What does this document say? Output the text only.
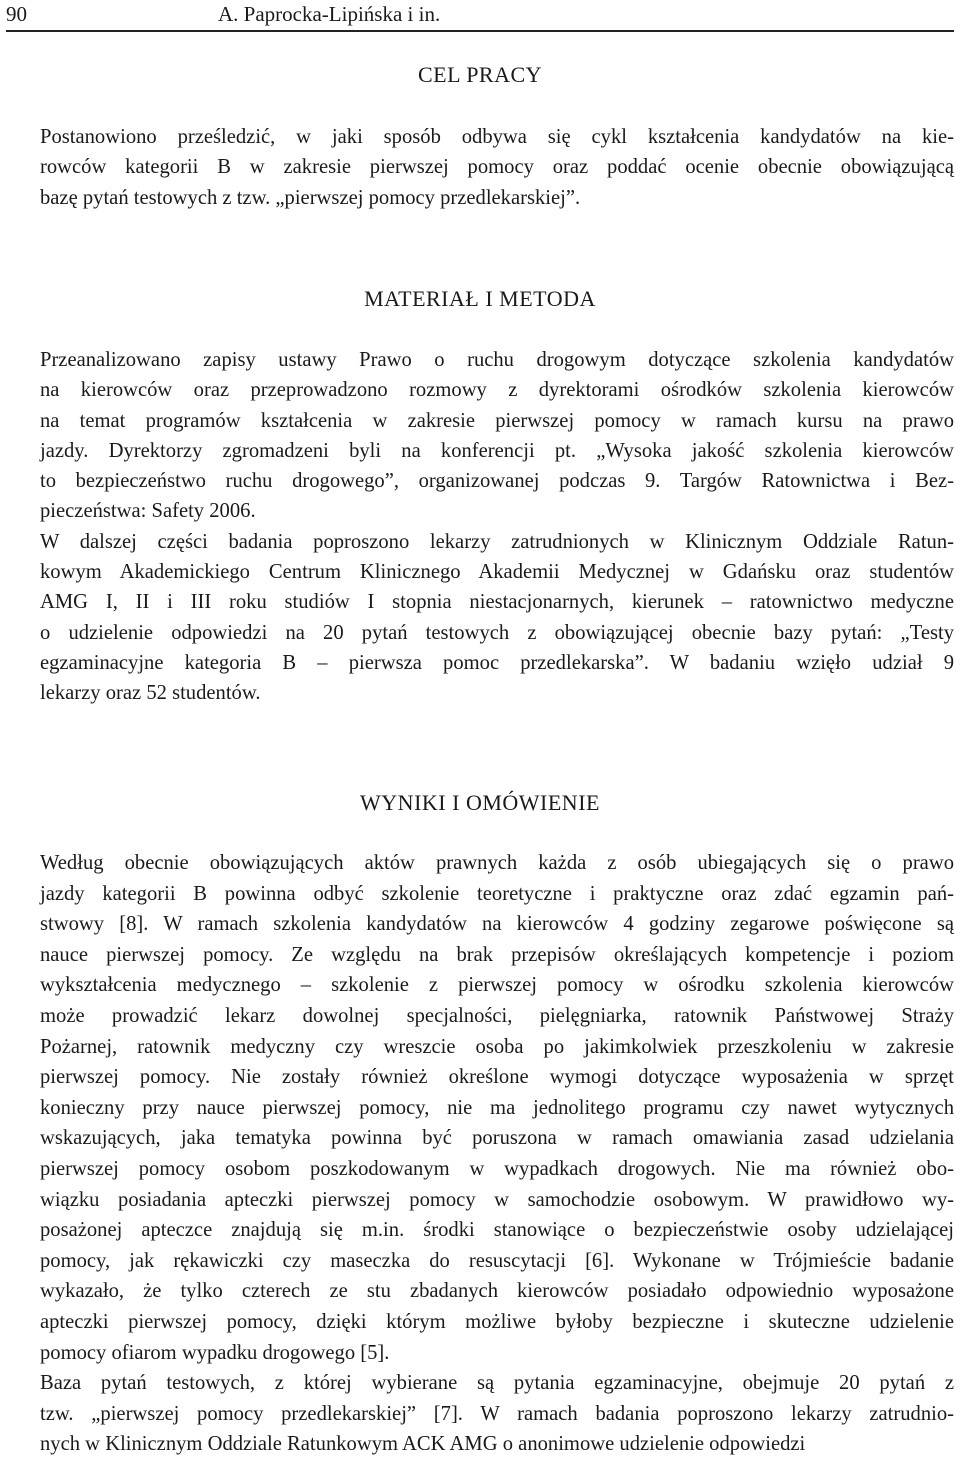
90	A. Paprocka-Lipińska i in.
CEL PRACY

Postanowiono prześledzić, w jaki sposób odbywa się cykl kształcenia kandydatów na kie-
rowców kategorii B w zakresie pierwszej pomocy oraz poddać ocenie obecnie obowiązującą
bazę pytań testowych z tzw. „pierwszej pomocy przedlekarskiej”.

MATERIAŁ I METODA

Przeanalizowano zapisy ustawy Prawo o ruchu drogowym dotyczące szkolenia kandydatów
na kierowców oraz przeprowadzono rozmowy z dyrektorami ośrodków szkolenia kierowców
na temat programów kształcenia w zakresie pierwszej pomocy w ramach kursu na prawo
jazdy. Dyrektorzy zgromadzeni byli na konferencji pt. „Wysoka jakość szkolenia kierowców
to bezpieczeństwo ruchu drogowego”, organizowanej podczas 9. Targów Ratownictwa i Bez-
pieczeństwa: Safety 2006.

W dalszej części badania poproszono lekarzy zatrudnionych w Klinicznym Oddziale Ratun-
kowym Akademickiego Centrum Klinicznego Akademii Medycznej w Gdańsku oraz studentów
AMG I, II i III roku studiów I stopnia niestacjonarnych, kierunek – ratownictwo medyczne
o udzielenie odpowiedzi na 20 pytań testowych z obowiązującej obecnie bazy pytań: „Testy
egzaminacyjne kategoria B – pierwsza pomoc przedlekarska”. W badaniu wzięło udział 9
lekarzy oraz 52 studentów.

WYNIKI I OMÓWIENIE

Według obecnie obowiązujących aktów prawnych każda z osób ubiegających się o prawo
jazdy kategorii B powinna odbyć szkolenie teoretyczne i praktyczne oraz zdać egzamin pań-
stwowy [8]. W ramach szkolenia kandydatów na kierowców 4 godziny zegarowe poświęcone są
nauce pierwszej pomocy. Ze względu na brak przepisów określających kompetencje i poziom
wykształcenia medycznego – szkolenie z pierwszej pomocy w ośrodku szkolenia kierowców
może prowadzić lekarz dowolnej specjalności, pielęgniarka, ratownik Państwowej Straży
Pożarnej, ratownik medyczny czy wreszcie osoba po jakimkolwiek przeszkoleniu w zakresie
pierwszej pomocy. Nie zostały również określone wymogi dotyczące wyposażenia w sprzęt
konieczny przy nauce pierwszej pomocy, nie ma jednolitego programu czy nawet wytycznych
wskazujących, jaka tematyka powinna być poruszona w ramach omawiania zasad udzielania
pierwszej pomocy osobom poszkodowanym w wypadkach drogowych. Nie ma również obo-
wiązku posiadania apteczki pierwszej pomocy w samochodzie osobowym. W prawidłowo wy-
posażonej apteczce znajdują się m.in. środki stanowiące o bezpieczeństwie osoby udzielającej
pomocy, jak rękawiczki czy maseczka do resuscytacji [6]. Wykonane w Trójmieście badanie
wykazało, że tylko czterech ze stu zbadanych kierowców posiadało odpowiednio wyposażone
apteczki pierwszej pomocy, dzięki którym możliwe byłoby bezpieczne i skuteczne udzielenie
pomocy ofiarom wypadku drogowego [5].

Baza pytań testowych, z której wybierane są pytania egzaminacyjne, obejmuje 20 pytań z
tzw. „pierwszej pomocy przedlekarskiej” [7]. W ramach badania poproszono lekarzy zatrudnio-
nych w Klinicznym Oddziale Ratunkowym ACK AMG o anonimowe udzielenie odpowiedzi
